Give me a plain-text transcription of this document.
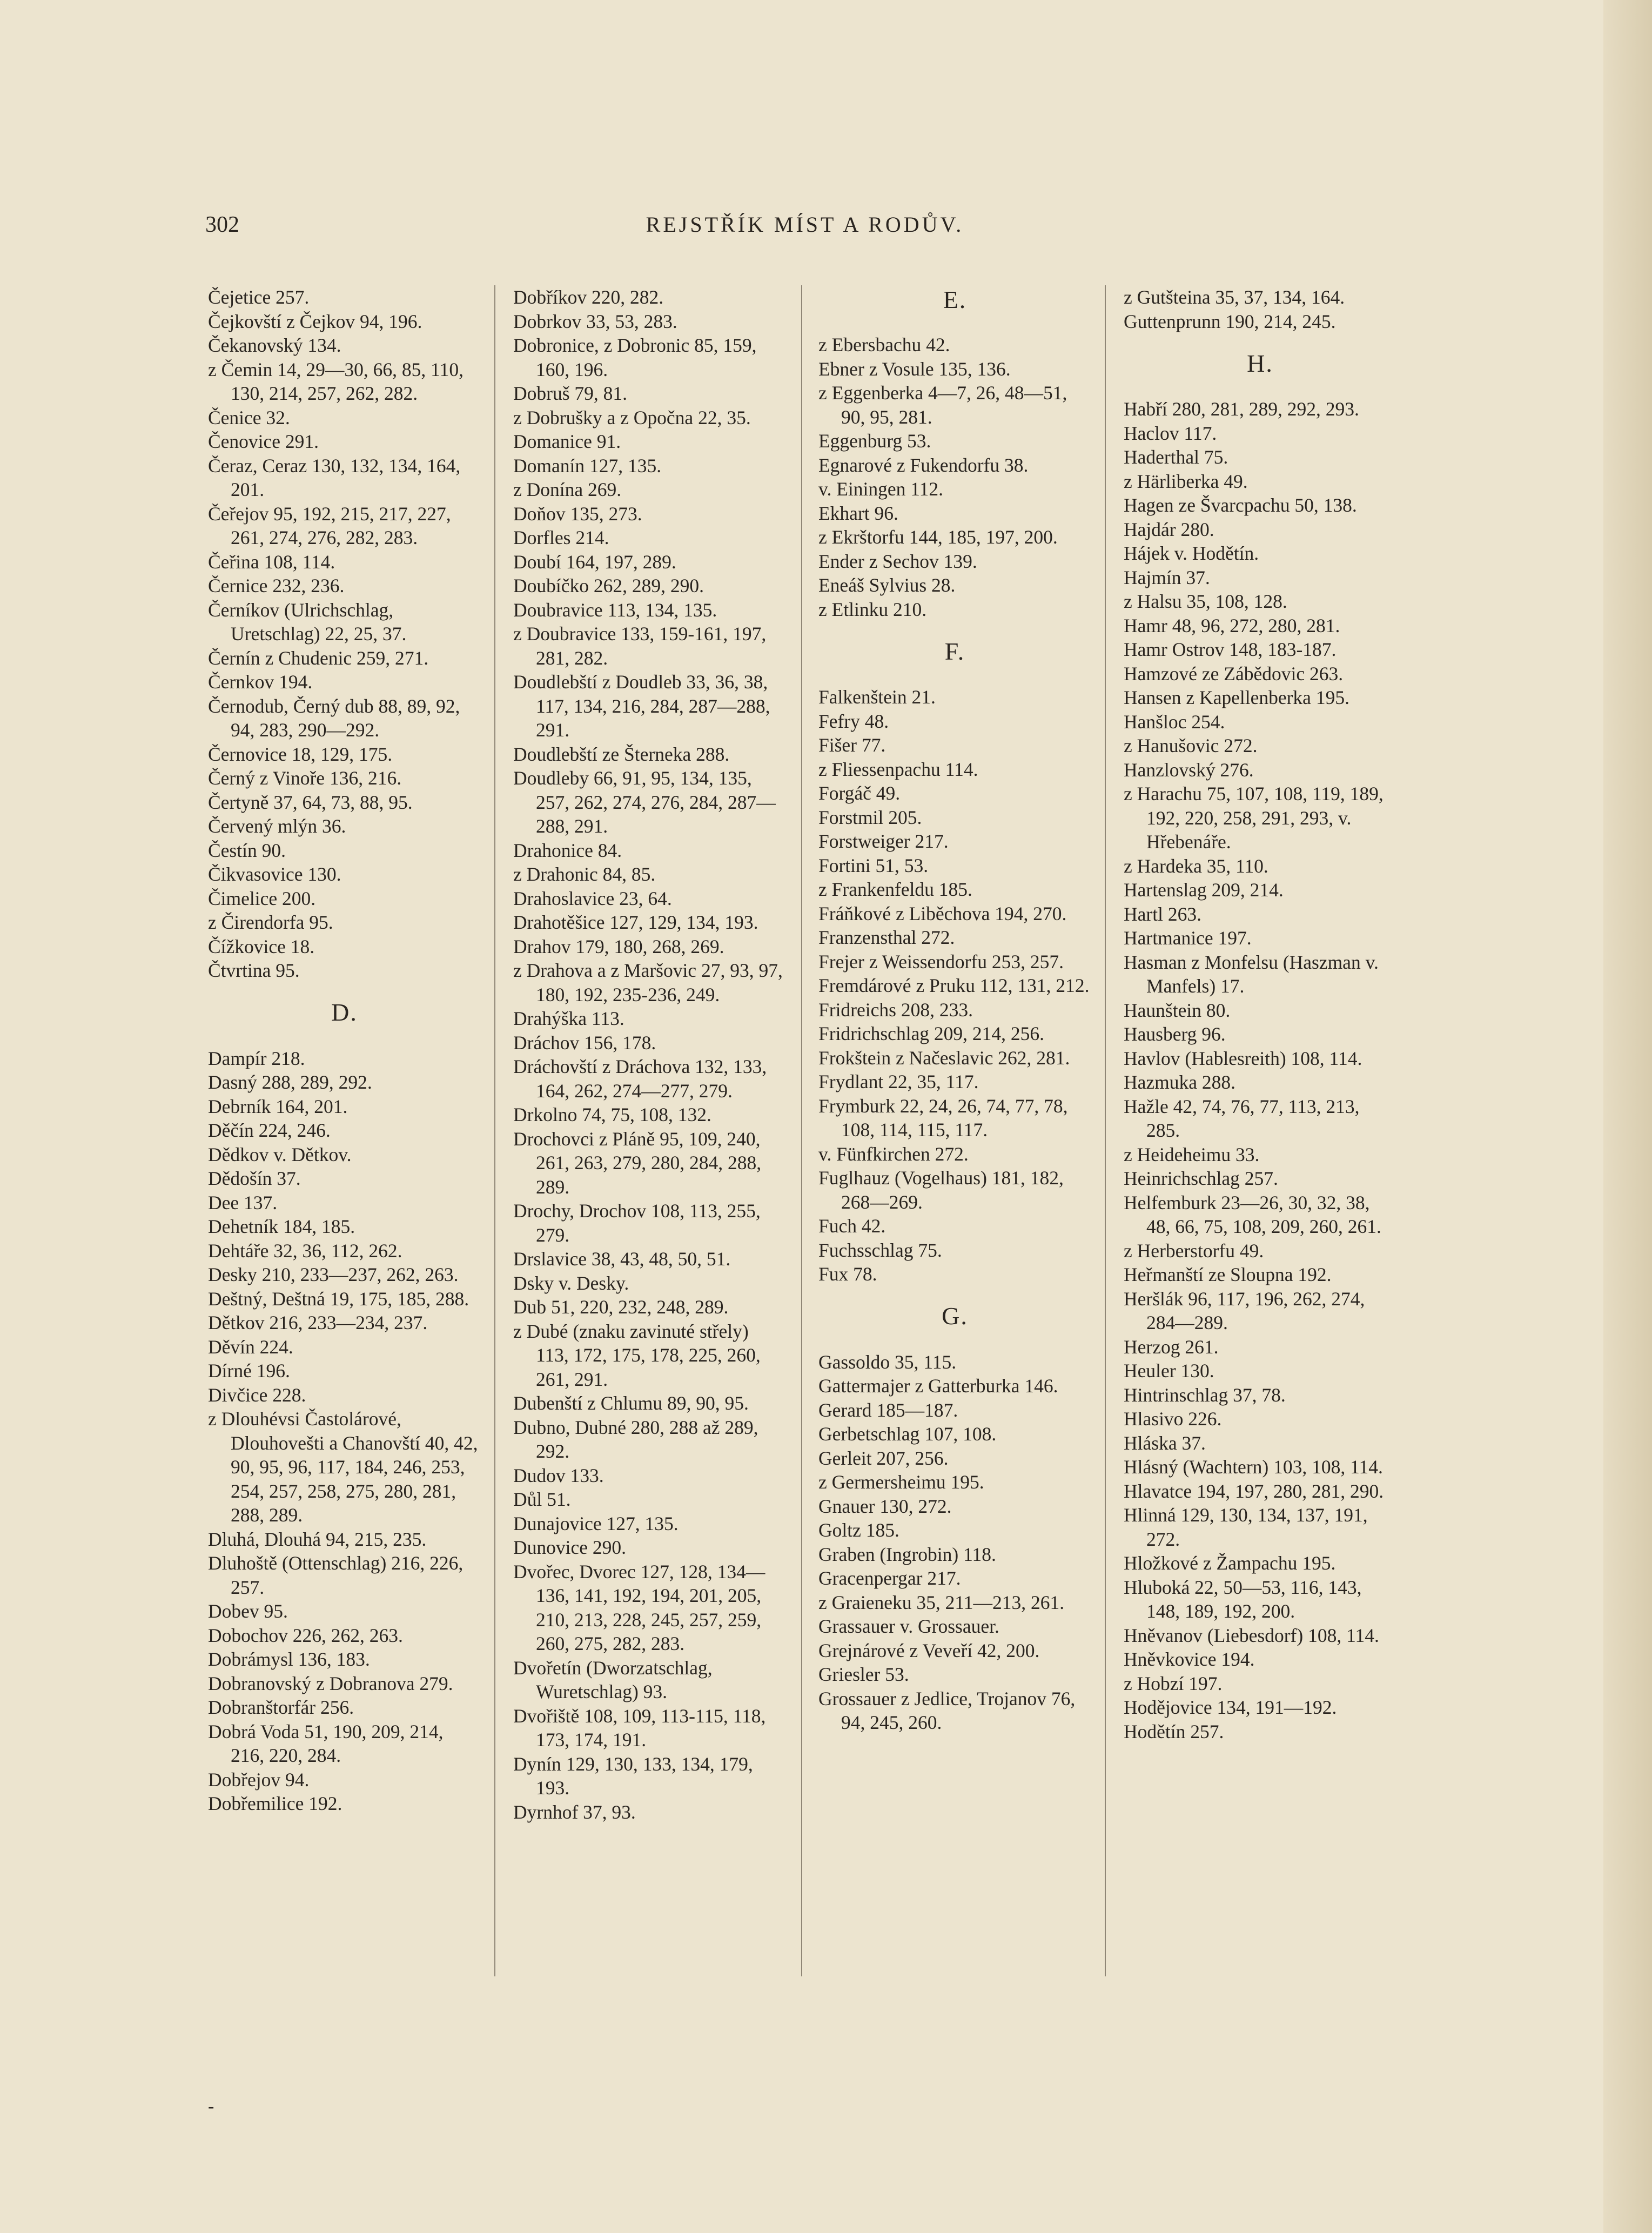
REJSTŘÍK MÍST A RODŮV.
302
Čejetice 257.
Čejkovští z Čejkov 94, 196.
Čekanovský 134.
z Čemin 14, 29—30, 66, 85, 110, 130, 214, 257, 262, 282.
Čenice 32.
Čenovice 291.
Čeraz, Ceraz 130, 132, 134, 164, 201.
Čeřejov 95, 192, 215, 217, 227, 261, 274, 276, 282, 283.
Čeřina 108, 114.
Černice 232, 236.
Černíkov (Ulrichschlag, Uretschlag) 22, 25, 37.
Černín z Chudenic 259, 271.
Černkov 194.
Černodub, Černý dub 88, 89, 92, 94, 283, 290—292.
Černovice 18, 129, 175.
Černý z Vinoře 136, 216.
Čertyně 37, 64, 73, 88, 95.
Červený mlýn 36.
Čestín 90.
Čikvasovice 130.
Čimelice 200.
z Čirendorfa 95.
Čížkovice 18.
Čtvrtina 95.
D.
Dampír 218.
Dasný 288, 289, 292.
Debrník 164, 201.
Děčín 224, 246.
Dědkov v. Dětkov.
Dědošín 37.
Dee 137.
Dehetník 184, 185.
Dehtáře 32, 36, 112, 262.
Desky 210, 233—237, 262, 263.
Deštný, Deštná 19, 175, 185, 288.
Dětkov 216, 233—234, 237.
Děvín 224.
Dírné 196.
Divčice 228.
z Dlouhévsi Častolárové, Dlouhovešti a Chanovští 40, 42, 90, 95, 96, 117, 184, 246, 253, 254, 257, 258, 275, 280, 281, 288, 289.
Dluhá, Dlouhá 94, 215, 235.
Dluhoště (Ottenschlag) 216, 226, 257.
Dobev 95.
Dobochov 226, 262, 263.
Dobrámysl 136, 183.
Dobranovský z Dobranova 279.
Dobranštorfár 256.
Dobrá Voda 51, 190, 209, 214, 216, 220, 284.
Dobřejov 94.
Dobřemilice 192.
Dobříkov 220, 282.
Dobrkov 33, 53, 283.
Dobronice, z Dobronic 85, 159, 160, 196.
Dobruš 79, 81.
z Dobrušky a z Opočna 22, 35.
Domanice 91.
Domanín 127, 135.
z Donína 269.
Doňov 135, 273.
Dorfles 214.
Doubí 164, 197, 289.
Doubíčko 262, 289, 290.
Doubravice 113, 134, 135.
z Doubravice 133, 159-161, 197, 281, 282.
Doudlebští z Doudleb 33, 36, 38, 117, 134, 216, 284, 287—288, 291.
Doudlebští ze Šterneka 288.
Doudleby 66, 91, 95, 134, 135, 257, 262, 274, 276, 284, 287—288, 291.
Drahonice 84.
z Drahonic 84, 85.
Drahoslavice 23, 64.
Drahotěšice 127, 129, 134, 193.
Drahov 179, 180, 268, 269.
z Drahova a z Maršovic 27, 93, 97, 180, 192, 235-236, 249.
Drahýška 113.
Dráchov 156, 178.
Dráchovští z Dráchova 132, 133, 164, 262, 274—277, 279.
Drkolno 74, 75, 108, 132.
Drochovci z Pláně 95, 109, 240, 261, 263, 279, 280, 284, 288, 289.
Drochy, Drochov 108, 113, 255, 279.
Drslavice 38, 43, 48, 50, 51.
Dsky v. Desky.
Dub 51, 220, 232, 248, 289.
z Dubé (znaku zavinuté střely) 113, 172, 175, 178, 225, 260, 261, 291.
Dubenští z Chlumu 89, 90, 95.
Dubno, Dubné 280, 288 až 289, 292.
Dudov 133.
Důl 51.
Dunajovice 127, 135.
Dunovice 290.
Dvořec, Dvorec 127, 128, 134—136, 141, 192, 194, 201, 205, 210, 213, 228, 245, 257, 259, 260, 275, 282, 283.
Dvořetín (Dworzatschlag, Wuretschlag) 93.
Dvořiště 108, 109, 113-115, 118, 173, 174, 191.
Dynín 129, 130, 133, 134, 179, 193.
Dyrnhof 37, 93.
E.
z Ebersbachu 42.
Ebner z Vosule 135, 136.
z Eggenberka 4—7, 26, 48—51, 90, 95, 281.
Eggenburg 53.
Egnarové z Fukendorfu 38.
v. Einingen 112.
Ekhart 96.
z Ekrštorfu 144, 185, 197, 200.
Ender z Sechov 139.
Eneáš Sylvius 28.
z Etlinku 210.
F.
Falkenštein 21.
Fefry 48.
Fišer 77.
z Fliessenpachu 114.
Forgáč 49.
Forstmil 205.
Forstweiger 217.
Fortini 51, 53.
z Frankenfeldu 185.
Fráňkové z Liběchova 194, 270.
Franzensthal 272.
Frejer z Weissendorfu 253, 257.
Fremdárové z Pruku 112, 131, 212.
Fridreichs 208, 233.
Fridrichschlag 209, 214, 256.
Frokštein z Načeslavic 262, 281.
Frydlant 22, 35, 117.
Frymburk 22, 24, 26, 74, 77, 78, 108, 114, 115, 117.
v. Fünfkirchen 272.
Fuglhauz (Vogelhaus) 181, 182, 268—269.
Fuch 42.
Fuchsschlag 75.
Fux 78.
G.
Gassoldo 35, 115.
Gattermajer z Gatterburka 146.
Gerard 185—187.
Gerbetschlag 107, 108.
Gerleit 207, 256.
z Germersheimu 195.
Gnauer 130, 272.
Goltz 185.
Graben (Ingrobin) 118.
Gracenpergar 217.
z Graieneku 35, 211—213, 261.
Grassauer v. Grossauer.
Grejnárové z Veveří 42, 200.
Griesler 53.
Grossauer z Jedlice, Trojanov 76, 94, 245, 260.
z Gutšteina 35, 37, 134, 164.
Guttenprunn 190, 214, 245.
H.
Habří 280, 281, 289, 292, 293.
Haclov 117.
Haderthal 75.
z Härliberka 49.
Hagen ze Švarcpachu 50, 138.
Hajdár 280.
Hájek v. Hodětín.
Hajmín 37.
z Halsu 35, 108, 128.
Hamr 48, 96, 272, 280, 281.
Hamr Ostrov 148, 183-187.
Hamzové ze Zábědovic 263.
Hansen z Kapellenberka 195.
Hanšloc 254.
z Hanušovic 272.
Hanzlovský 276.
z Harachu 75, 107, 108, 119, 189, 192, 220, 258, 291, 293, v. Hřebenáře.
z Hardeka 35, 110.
Hartenslag 209, 214.
Hartl 263.
Hartmanice 197.
Hasman z Monfelsu (Haszman v. Manfels) 17.
Haunštein 80.
Hausberg 96.
Havlov (Hablesreith) 108, 114.
Hazmuka 288.
Hažle 42, 74, 76, 77, 113, 213, 285.
z Heideheimu 33.
Heinrichschlag 257.
Helfemburk 23—26, 30, 32, 38, 48, 66, 75, 108, 209, 260, 261.
z Herberstorfu 49.
Heřmanští ze Sloupna 192.
Heršlák 96, 117, 196, 262, 274, 284—289.
Herzog 261.
Heuler 130.
Hintrinschlag 37, 78.
Hlasivo 226.
Hláska 37.
Hlásný (Wachtern) 103, 108, 114.
Hlavatce 194, 197, 280, 281, 290.
Hlinná 129, 130, 134, 137, 191, 272.
Hložkové z Žampachu 195.
Hluboká 22, 50—53, 116, 143, 148, 189, 192, 200.
Hněvanov (Liebesdorf) 108, 114.
Hněvkovice 194.
z Hobzí 197.
Hodějovice 134, 191—192.
Hodětín 257.
-
